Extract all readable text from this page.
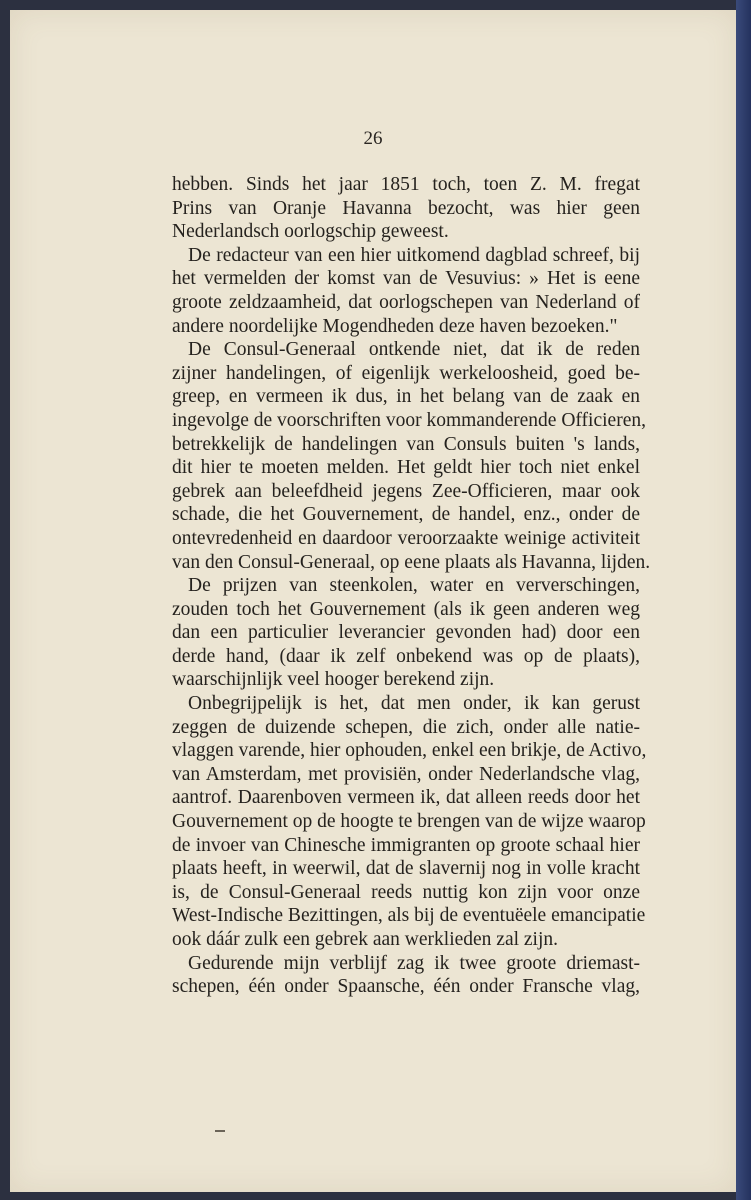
26
hebben. Sinds het jaar 1851 toch, toen Z. M. fregat
Prins van Oranje Havanna bezocht, was hier geen
Nederlandsch oorlogschip geweest.
De redacteur van een hier uitkomend dagblad schreef, bij
het vermelden der komst van de Vesuvius: » Het is eene
groote zeldzaamheid, dat oorlogschepen van Nederland of
andere noordelijke Mogendheden deze haven bezoeken."
De Consul-Generaal ontkende niet, dat ik de reden
zijner handelingen, of eigenlijk werkeloosheid, goed be-
greep, en vermeen ik dus, in het belang van de zaak en
ingevolge de voorschriften voor kommanderende Officieren,
betrekkelijk de handelingen van Consuls buiten 's lands,
dit hier te moeten melden. Het geldt hier toch niet enkel
gebrek aan beleefdheid jegens Zee-Officieren, maar ook
schade, die het Gouvernement, de handel, enz., onder de
ontevredenheid en daardoor veroorzaakte weinige activiteit
van den Consul-Generaal, op eene plaats als Havanna, lijden.
De prijzen van steenkolen, water en ververschingen,
zouden toch het Gouvernement (als ik geen anderen weg
dan een particulier leverancier gevonden had) door een
derde hand, (daar ik zelf onbekend was op de plaats),
waarschijnlijk veel hooger berekend zijn.
Onbegrijpelijk is het, dat men onder, ik kan gerust
zeggen de duizende schepen, die zich, onder alle natie-
vlaggen varende, hier ophouden, enkel een brikje, de Activo,
van Amsterdam, met provisiën, onder Nederlandsche vlag,
aantrof. Daarenboven vermeen ik, dat alleen reeds door het
Gouvernement op de hoogte te brengen van de wijze waarop
de invoer van Chinesche immigranten op groote schaal hier
plaats heeft, in weerwil, dat de slavernij nog in volle kracht
is, de Consul-Generaal reeds nuttig kon zijn voor onze
West-Indische Bezittingen, als bij de eventuëele emancipatie
ook dáár zulk een gebrek aan werklieden zal zijn.
Gedurende mijn verblijf zag ik twee groote driemast-
schepen, één onder Spaansche, één onder Fransche vlag,
